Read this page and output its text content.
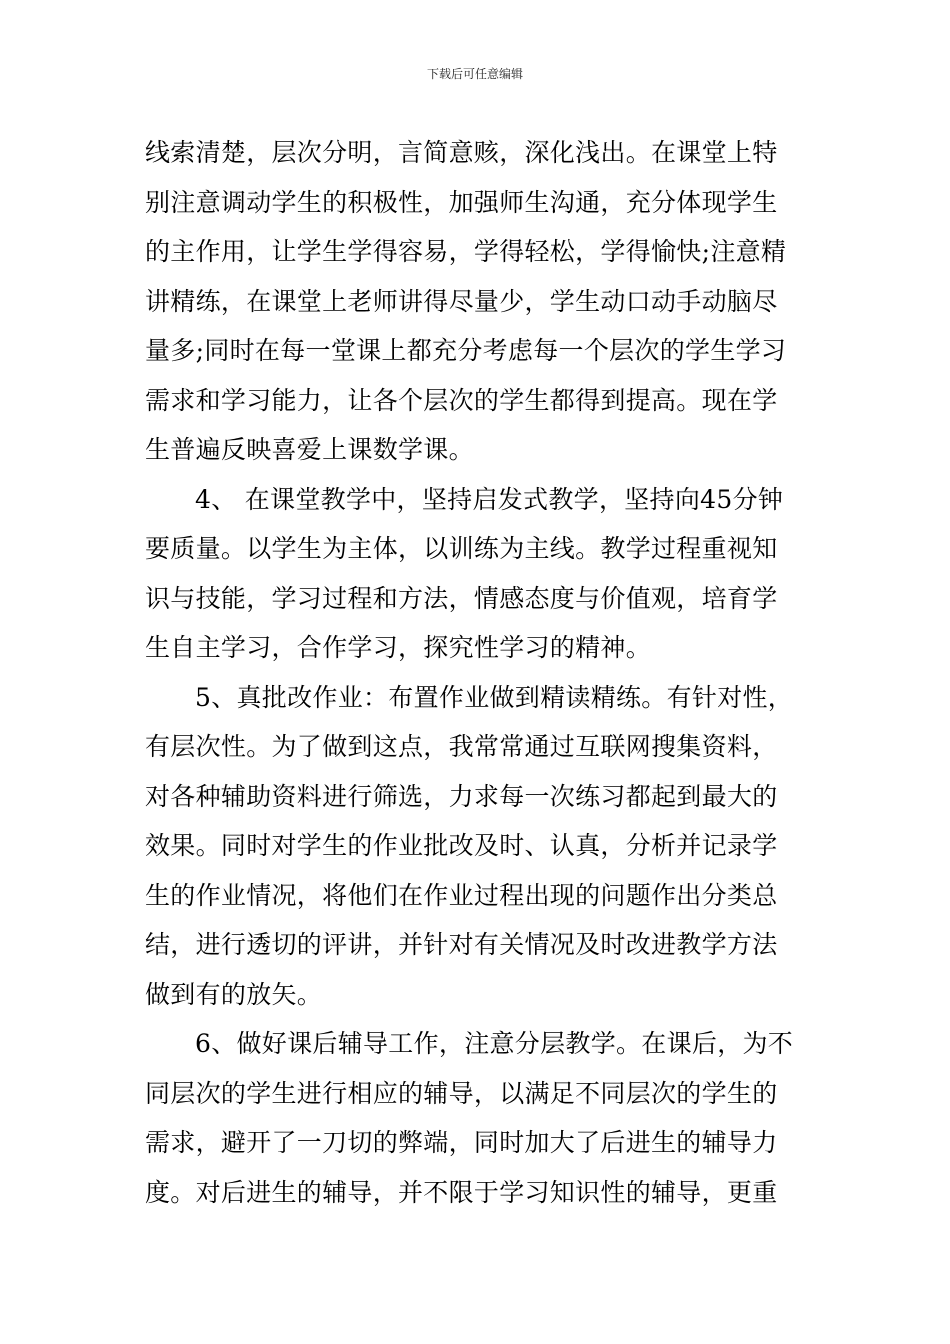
下载后可任意编辑
线索清楚，层次分明，言简意赅，深化浅出。在课堂上特
别注意调动学生的积极性，加强师生沟通，充分体现学生
的主作用，让学生学得容易，学得轻松，学得愉快;注意精
讲精练，在课堂上老师讲得尽量少，学生动口动手动脑尽
量多;同时在每一堂课上都充分考虑每一个层次的学生学习
需求和学习能力，让各个层次的学生都得到提高。现在学
生普遍反映喜爱上课数学课。
4、 在课堂教学中，坚持启发式教学，坚持向45分钟
要质量。以学生为主体，以训练为主线。教学过程重视知
识与技能，学习过程和方法，情感态度与价值观，培育学
生自主学习，合作学习，探究性学习的精神。
5、真批改作业：布置作业做到精读精练。有针对性，
有层次性。为了做到这点，我常常通过互联网搜集资料，
对各种辅助资料进行筛选，力求每一次练习都起到最大的
效果。同时对学生的作业批改及时、认真，分析并记录学
生的作业情况，将他们在作业过程出现的问题作出分类总
结，进行透切的评讲，并针对有关情况及时改进教学方法
做到有的放矢。
6、做好课后辅导工作，注意分层教学。在课后，为不
同层次的学生进行相应的辅导，以满足不同层次的学生的
需求，避开了一刀切的弊端，同时加大了后进生的辅导力
度。对后进生的辅导，并不限于学习知识性的辅导，更重
